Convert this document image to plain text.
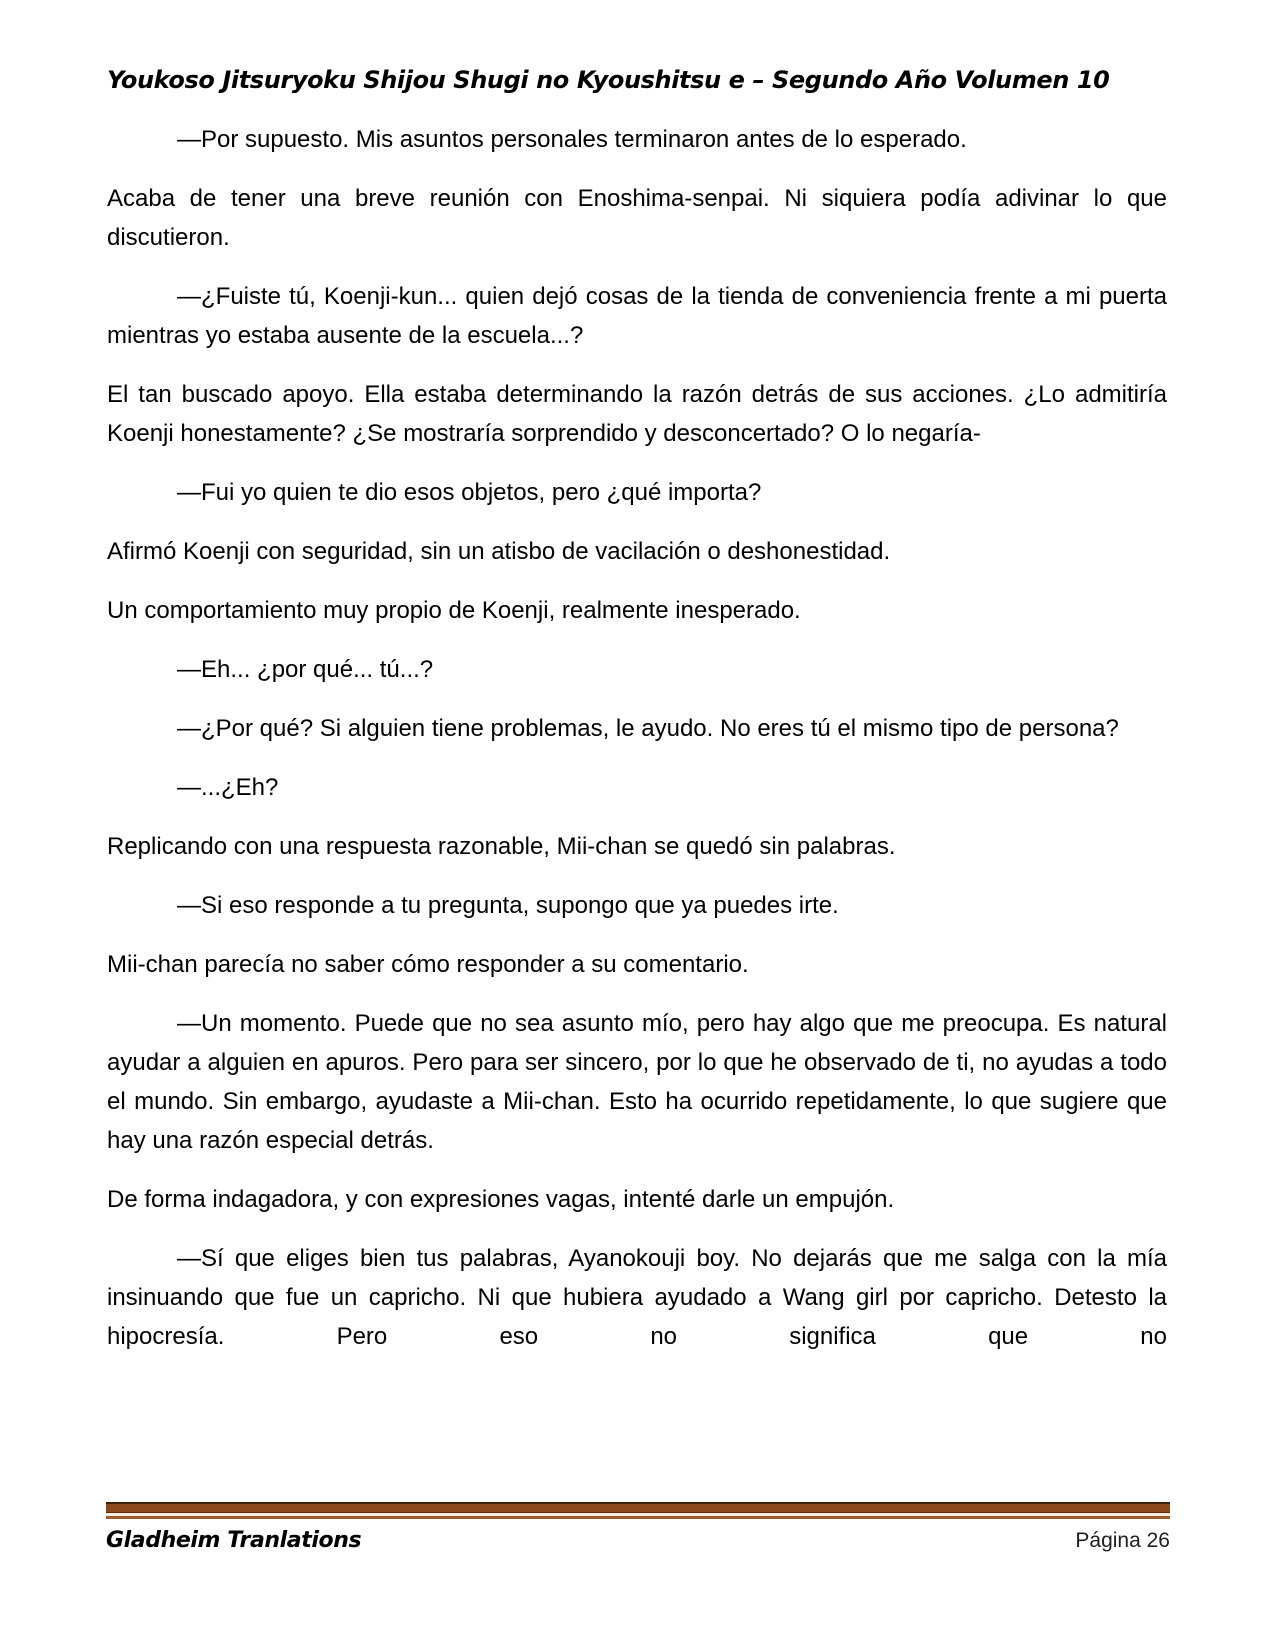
Youkoso Jitsuryoku Shijou Shugi no Kyoushitsu e – Segundo Año Volumen 10

—Por supuesto. Mis asuntos personales terminaron antes de lo esperado.

Acaba de tener una breve reunión con Enoshima-senpai. Ni siquiera podía adivinar lo que discutieron.

—¿Fuiste tú, Koenji-kun... quien dejó cosas de la tienda de conveniencia frente a mi puerta mientras yo estaba ausente de la escuela...?

El tan buscado apoyo. Ella estaba determinando la razón detrás de sus acciones. ¿Lo admitiría Koenji honestamente? ¿Se mostraría sorprendido y desconcertado? O lo negaría-

—Fui yo quien te dio esos objetos, pero ¿qué importa?

Afirmó Koenji con seguridad, sin un atisbo de vacilación o deshonestidad.

Un comportamiento muy propio de Koenji, realmente inesperado.

—Eh... ¿por qué... tú...?

—¿Por qué? Si alguien tiene problemas, le ayudo. No eres tú el mismo tipo de persona?

—...¿Eh?

Replicando con una respuesta razonable, Mii-chan se quedó sin palabras.

—Si eso responde a tu pregunta, supongo que ya puedes irte.

Mii-chan parecía no saber cómo responder a su comentario.

—Un momento. Puede que no sea asunto mío, pero hay algo que me preocupa. Es natural ayudar a alguien en apuros. Pero para ser sincero, por lo que he observado de ti, no ayudas a todo el mundo. Sin embargo, ayudaste a Mii-chan. Esto ha ocurrido repetidamente, lo que sugiere que hay una razón especial detrás.

De forma indagadora, y con expresiones vagas, intenté darle un empujón.

—Sí que eliges bien tus palabras, Ayanokouji boy. No dejarás que me salga con la mía insinuando que fue un capricho. Ni que hubiera ayudado a Wang girl por capricho. Detesto la hipocresía. Pero eso no significa que no

Gladheim Tranlations	Página 26
